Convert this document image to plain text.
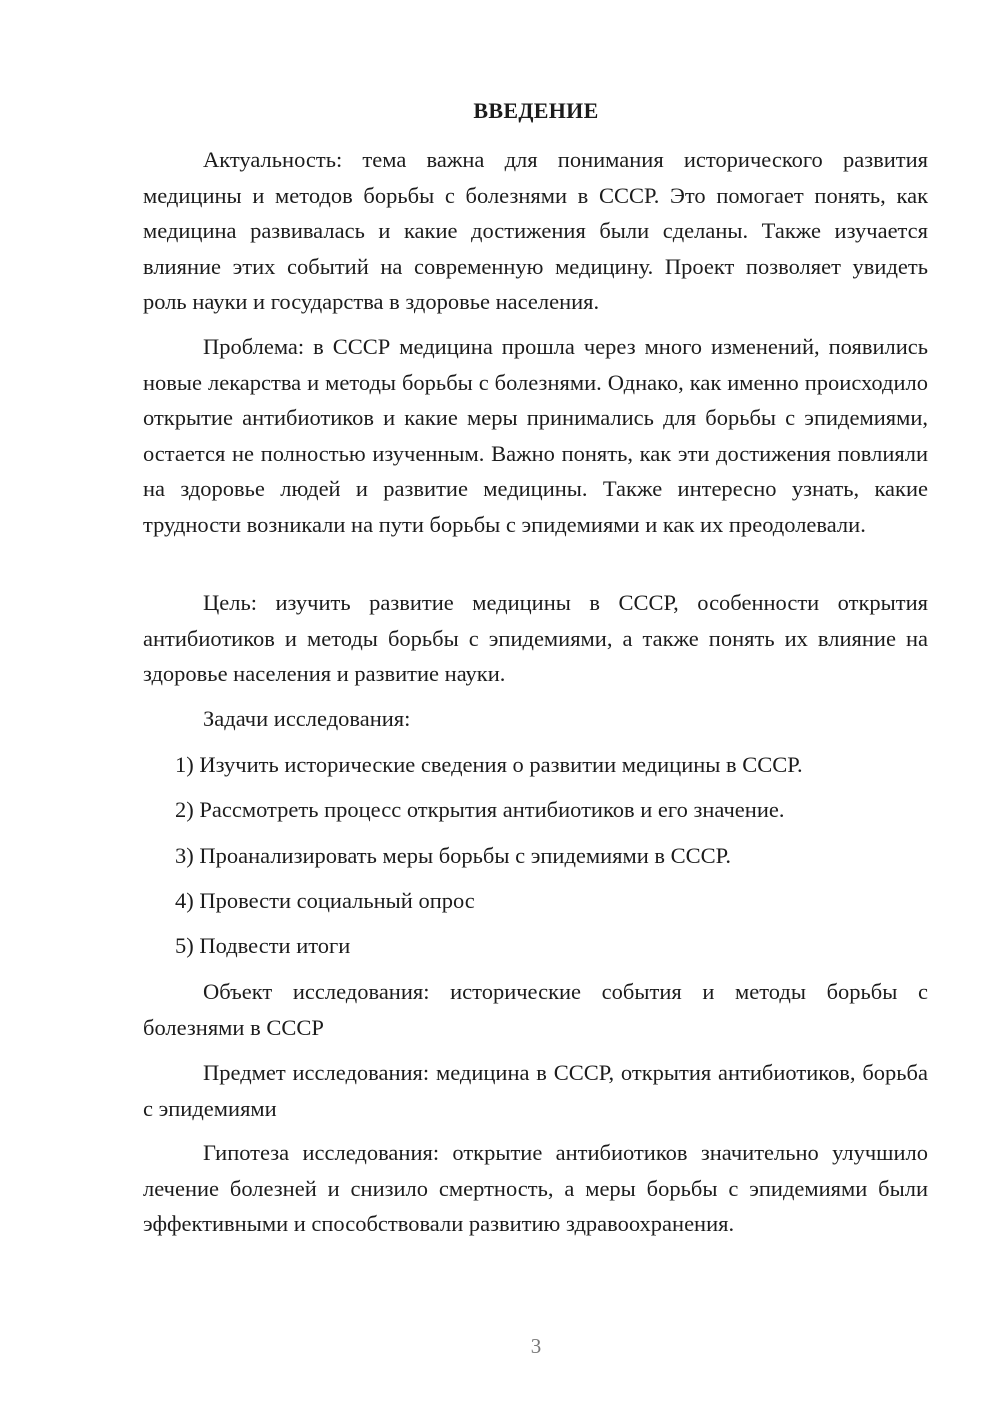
ВВЕДЕНИЕ

Актуальность: тема важна для понимания исторического развития медицины и методов борьбы с болезнями в СССР. Это помогает понять, как медицина развивалась и какие достижения были сделаны. Также изучается влияние этих событий на современную медицину. Проект позволяет увидеть роль науки и государства в здоровье населения.

Проблема: в СССР медицина прошла через много изменений, появились новые лекарства и методы борьбы с болезнями. Однако, как именно происходило открытие антибиотиков и какие меры принимались для борьбы с эпидемиями, остается не полностью изученным. Важно понять, как эти достижения повлияли на здоровье людей и развитие медицины. Также интересно узнать, какие трудности возникали на пути борьбы с эпидемиями и как их преодолевали.

Цель: изучить развитие медицины в СССР, особенности открытия антибиотиков и методы борьбы с эпидемиями, а также понять их влияние на здоровье населения и развитие науки.

Задачи исследования:

1) Изучить исторические сведения о развитии медицины в СССР.

2) Рассмотреть процесс открытия антибиотиков и его значение.

3) Проанализировать меры борьбы с эпидемиями в СССР.

4) Провести социальный опрос

5) Подвести итоги

Объект исследования: исторические события и методы борьбы с болезнями в СССР

Предмет исследования: медицина в СССР, открытия антибиотиков, борьба с эпидемиями

Гипотеза исследования: открытие антибиотиков значительно улучшило лечение болезней и снизило смертность, а меры борьбы с эпидемиями были эффективными и способствовали развитию здравоохранения.

3
